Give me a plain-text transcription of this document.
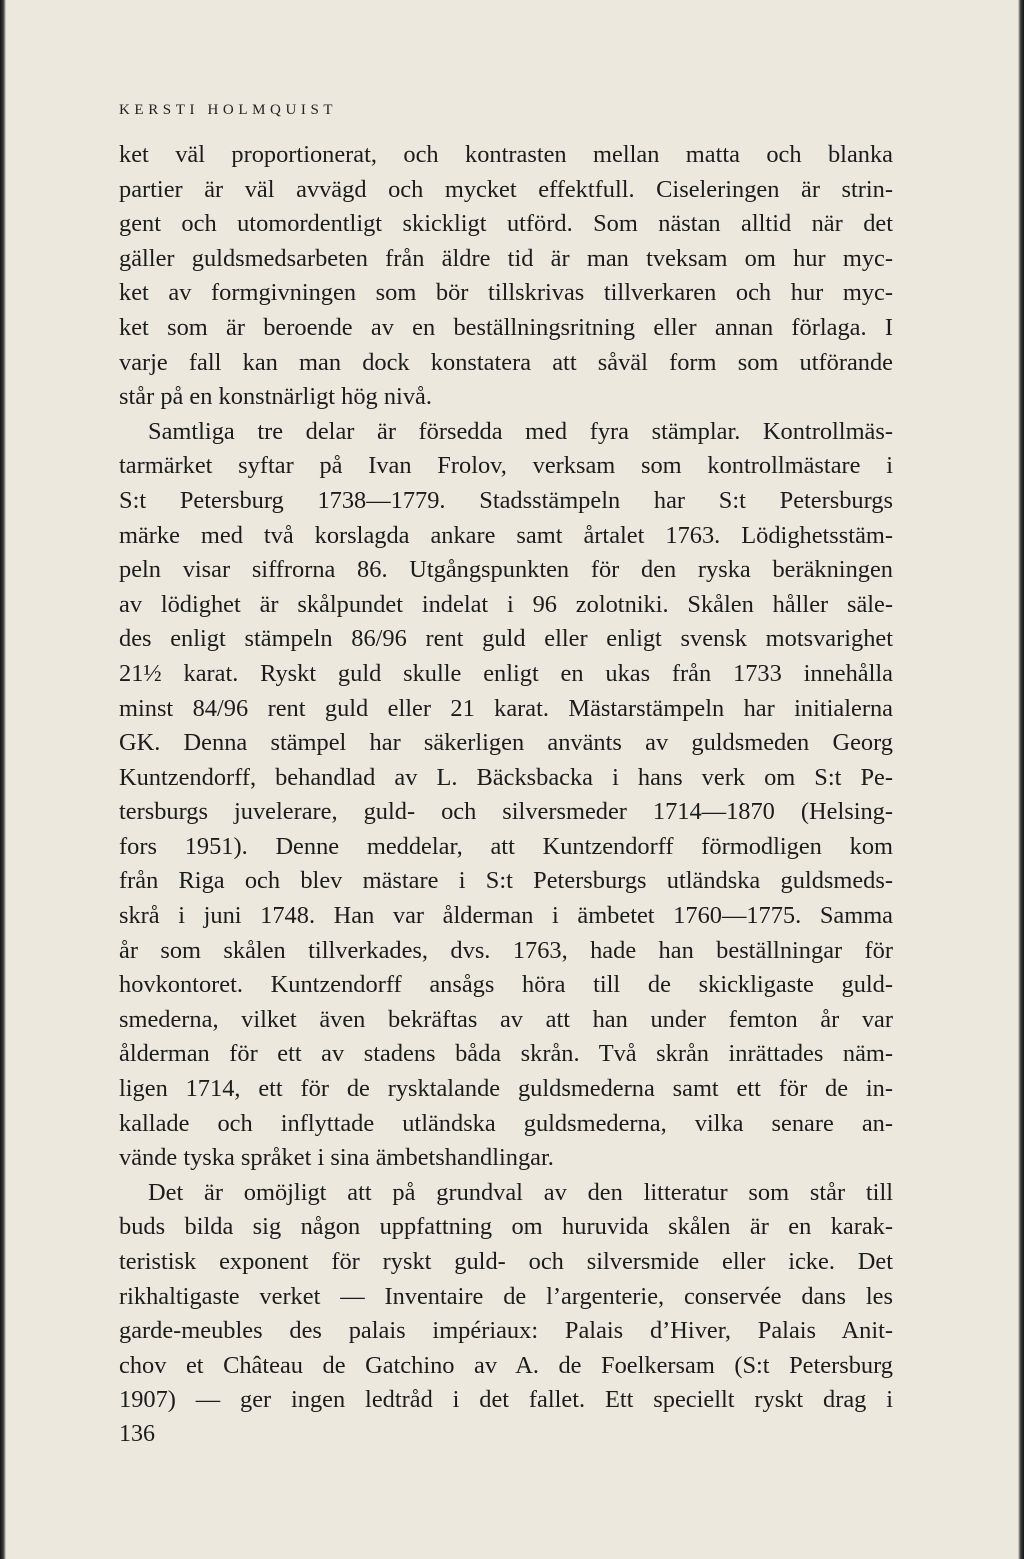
KERSTI HOLMQUIST
ket väl proportionerat, och kontrasten mellan matta och blanka
partier är väl avvägd och mycket effektfull. Ciseleringen är strin-
gent och utomordentligt skickligt utförd. Som nästan alltid när det
gäller guldsmedsarbeten från äldre tid är man tveksam om hur myc-
ket av formgivningen som bör tillskrivas tillverkaren och hur myc-
ket som är beroende av en beställningsritning eller annan förlaga. I
varje fall kan man dock konstatera att såväl form som utförande
står på en konstnärligt hög nivå.
Samtliga tre delar är försedda med fyra stämplar. Kontrollmäs-
tarmärket syftar på Ivan Frolov, verksam som kontrollmästare i
S:t Petersburg 1738—1779. Stadsstämpeln har S:t Petersburgs
märke med två korslagda ankare samt årtalet 1763. Lödighetsstäm-
peln visar siffrorna 86. Utgångspunkten för den ryska beräkningen
av lödighet är skålpundet indelat i 96 zolotniki. Skålen håller säle-
des enligt stämpeln 86/96 rent guld eller enligt svensk motsvarighet
21½ karat. Ryskt guld skulle enligt en ukas från 1733 innehålla
minst 84/96 rent guld eller 21 karat. Mästarstämpeln har initialerna
GK. Denna stämpel har säkerligen använts av guldsmeden Georg
Kuntzendorff, behandlad av L. Bäcksbacka i hans verk om S:t Pe-
tersburgs juvelerare, guld- och silversmeder 1714—1870 (Helsing-
fors 1951). Denne meddelar, att Kuntzendorff förmodligen kom
från Riga och blev mästare i S:t Petersburgs utländska guldsmeds-
skrå i juni 1748. Han var ålderman i ämbetet 1760—1775. Samma
år som skålen tillverkades, dvs. 1763, hade han beställningar för
hovkontoret. Kuntzendorff ansågs höra till de skickligaste guld-
smederna, vilket även bekräftas av att han under femton år var
ålderman för ett av stadens båda skrån. Två skrån inrättades näm-
ligen 1714, ett för de rysktalande guldsmederna samt ett för de in-
kallade och inflyttade utländska guldsmederna, vilka senare an-
vände tyska språket i sina ämbetshandlingar.
Det är omöjligt att på grundval av den litteratur som står till
buds bilda sig någon uppfattning om huruvida skålen är en karak-
teristisk exponent för ryskt guld- och silversmide eller icke. Det
rikhaltigaste verket — Inventaire de l’argenterie, conservée dans les
garde-meubles des palais impériaux: Palais d’Hiver, Palais Anit-
chov et Château de Gatchino av A. de Foelkersam (S:t Petersburg
1907) — ger ingen ledtråd i det fallet. Ett speciellt ryskt drag i
136
